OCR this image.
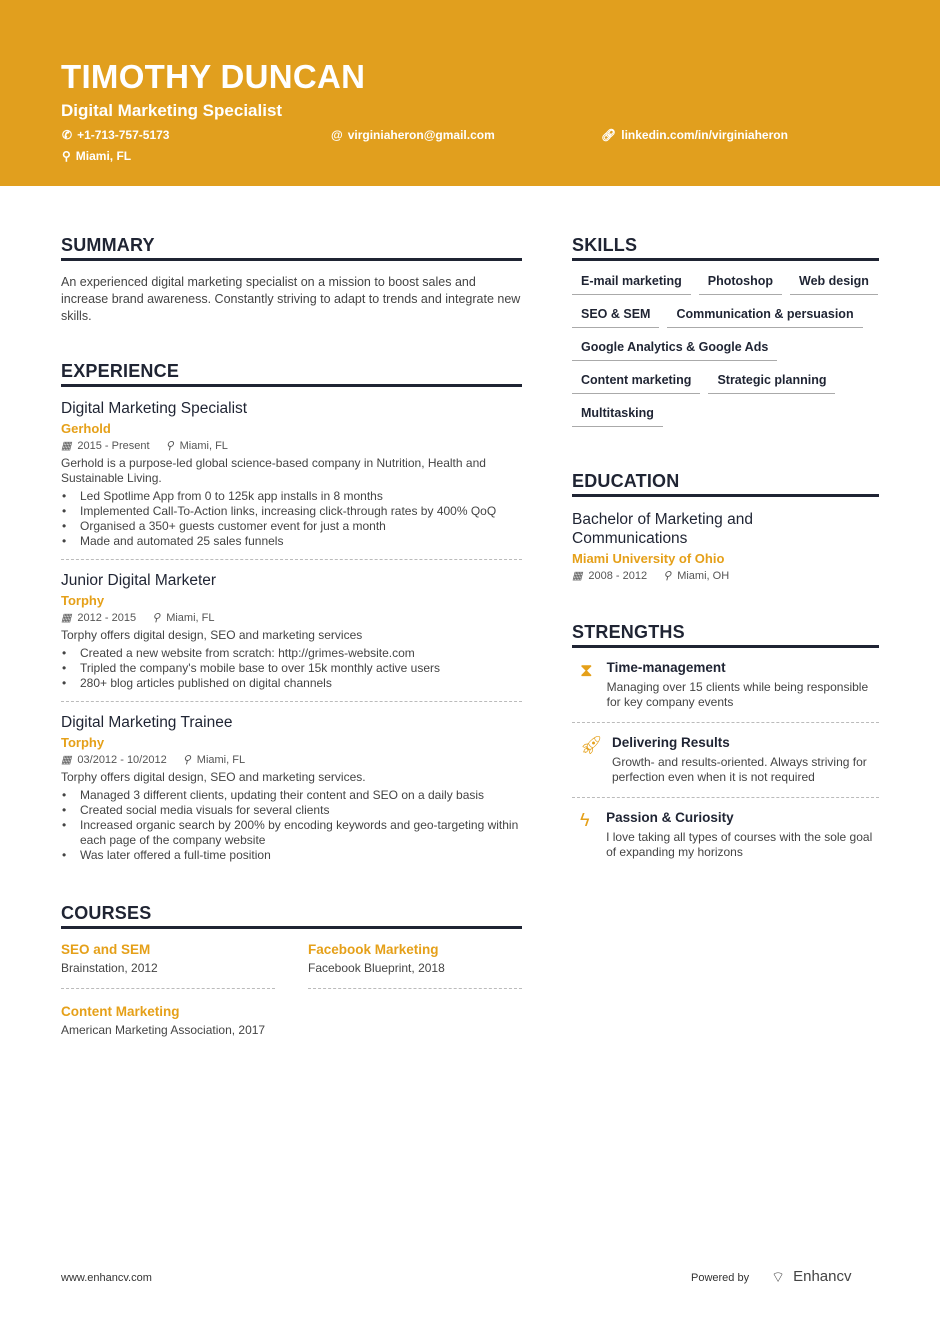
TIMOTHY DUNCAN
Digital Marketing Specialist
✆ +1-713-757-5173	@ virginiaheron@gmail.com	🔗︎ linkedin.com/in/virginiaheron
⚲ Miami, FL
SUMMARY
An experienced digital marketing specialist on a mission to boost sales and increase brand awareness. Constantly striving to adapt to trends and integrate new skills.
EXPERIENCE
Digital Marketing Specialist
Gerhold
▦ 2015 - Present ⚲ Miami, FL
Gerhold is a purpose-led global science-based company in Nutrition, Health and Sustainable Living.
• Led Spotlime App from 0 to 125k app installs in 8 months
• Implemented Call-To-Action links, increasing click-through rates by 400% QoQ
• Organised a 350+ guests customer event for just a month
• Made and automated 25 sales funnels
Junior Digital Marketer
Torphy
▦ 2012 - 2015 ⚲ Miami, FL
Torphy offers digital design, SEO and marketing services
• Created a new website from scratch: http://grimes-website.com
• Tripled the company's mobile base to over 15k monthly active users
• 280+ blog articles published on digital channels
Digital Marketing Trainee
Torphy
▦ 03/2012 - 10/2012 ⚲ Miami, FL
Torphy offers digital design, SEO and marketing services.
• Managed 3 different clients, updating their content and SEO on a daily basis
• Created social media visuals for several clients
• Increased organic search by 200% by encoding keywords and geo-targeting within each page of the company website
• Was later offered a full-time position
COURSES
SEO and SEM
Brainstation, 2012
Facebook Marketing
Facebook Blueprint, 2018
Content Marketing
American Marketing Association, 2017
SKILLS
E-mail marketing	Photoshop	Web design
SEO & SEM	Communication & persuasion
Google Analytics & Google Ads
Content marketing	Strategic planning
Multitasking
EDUCATION
Bachelor of Marketing and Communications
Miami University of Ohio
▦ 2008 - 2012 ⚲ Miami, OH
STRENGTHS
⧗ Time-management
Managing over 15 clients while being responsible for key company events
🚀︎ Delivering Results
Growth- and results-oriented. Always striving for perfection even when it is not required
ϟ Passion & Curiosity
I love taking all types of courses with the sole goal of expanding my horizons
www.enhancv.com	Powered by ⌔ Enhancv
